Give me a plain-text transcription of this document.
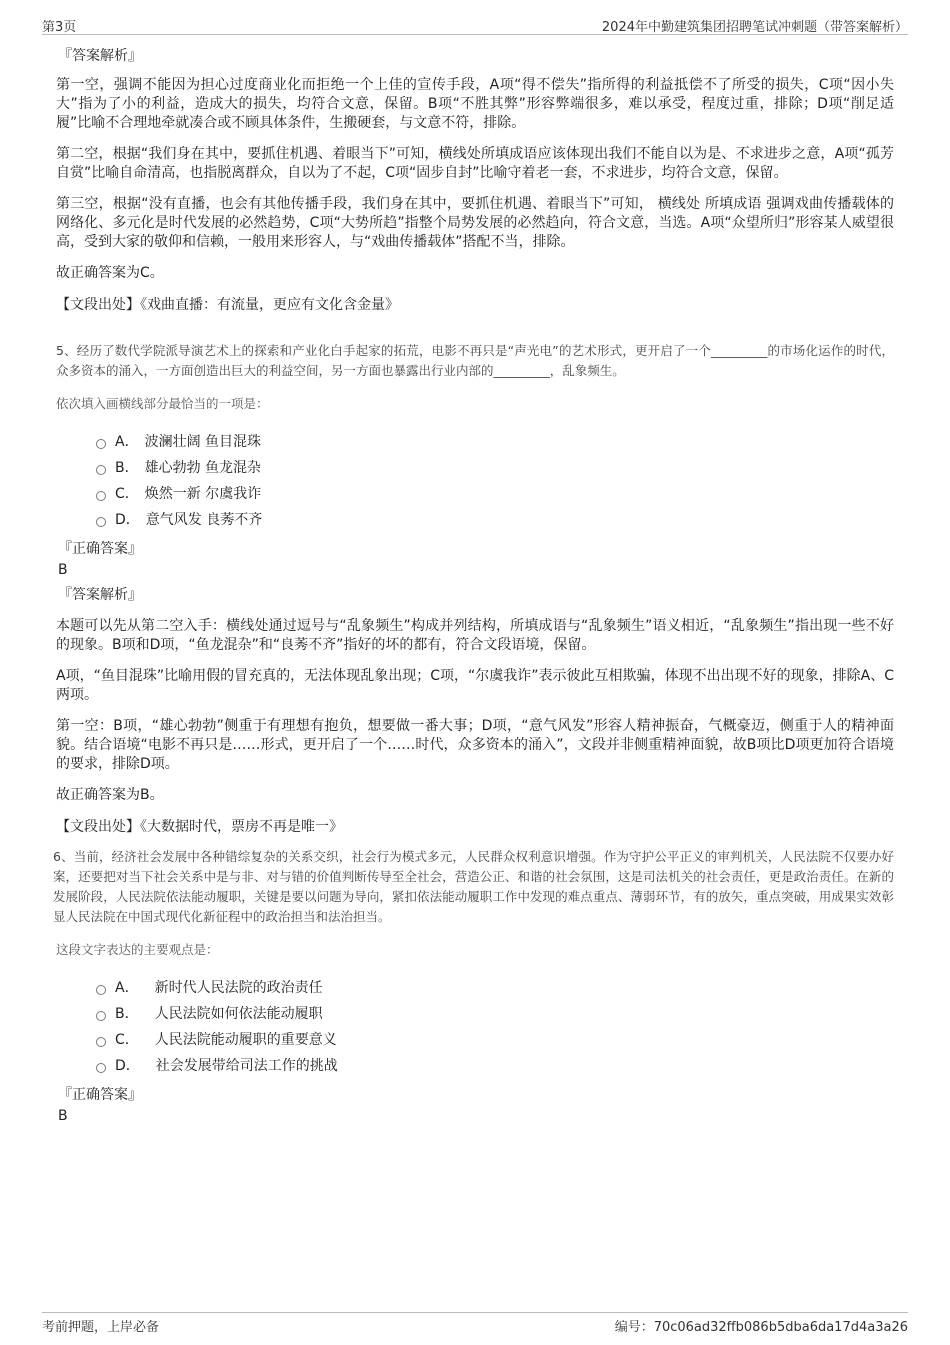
第3页	2024年中勤建筑集团招聘笔试冲刺题（带答案解析）
『答案解析』

第一空，强调不能因为担心过度商业化而拒绝一个上佳的宣传手段，A项“得不偿失”指所得的利益抵偿不了所受的损失，C项“因小失大”指为了小的利益，造成大的损失，均符合文意，保留。B项“不胜其弊”形容弊端很多，难以承受，程度过重，排除；D项“削足适履”比喻不合理地牵就凑合或不顾具体条件，生搬硬套，与文意不符，排除。

第二空，根据“我们身在其中，要抓住机遇、着眼当下”可知，横线处所填成语应该体现出我们不能自以为是、不求进步之意，A项“孤芳自赏”比喻自命清高，也指脱离群众，自以为了不起，C项“固步自封”比喻守着老一套，不求进步，均符合文意，保留。

第三空，根据“没有直播，也会有其他传播手段，我们身在其中，要抓住机遇、着眼当下”可知， 横线处 所填成语 强调戏曲传播载体的网络化、多元化是时代发展的必然趋势，C项“大势所趋”指整个局势发展的必然趋向，符合文意，当选。A项“众望所归”形容某人威望很高，受到大家的敬仰和信赖，一般用来形容人，与“戏曲传播载体”搭配不当，排除。

故正确答案为C。

【文段出处】《戏曲直播：有流量，更应有文化含金量》

5、经历了数代学院派导演艺术上的探索和产业化白手起家的拓荒，电影不再只是“声光电”的艺术形式，更开启了一个_________的市场化运作的时代，众多资本的涌入，一方面创造出巨大的利益空间，另一方面也暴露出行业内部的_________，乱象频生。

依次填入画横线部分最恰当的一项是：
A． 波澜壮阔 鱼目混珠
B． 雄心勃勃 鱼龙混杂
C． 焕然一新 尔虞我诈
D． 意气风发 良莠不齐
『正确答案』
B
『答案解析』

本题可以先从第二空入手：横线处通过逗号与“乱象频生”构成并列结构，所填成语与“乱象频生”语义相近，“乱象频生”指出现一些不好的现象。B项和D项，“鱼龙混杂”和“良莠不齐”指好的坏的都有，符合文段语境，保留。

A项，“鱼目混珠”比喻用假的冒充真的，无法体现乱象出现；C项，“尔虞我诈”表示彼此互相欺骗，体现不出出现不好的现象，排除A、C两项。

第一空：B项，“雄心勃勃”侧重于有理想有抱负，想要做一番大事；D项，“意气风发”形容人精神振奋，气概豪迈，侧重于人的精神面貌。结合语境“电影不再只是……形式，更开启了一个……时代，众多资本的涌入”，文段并非侧重精神面貌，故B项比D项更加符合语境的要求，排除D项。

故正确答案为B。

【文段出处】《大数据时代，票房不再是唯一》

6、当前，经济社会发展中各种错综复杂的关系交织，社会行为模式多元，人民群众权利意识增强。作为守护公平正义的审判机关，人民法院不仅要办好案，还要把对当下社会关系中是与非、对与错的价值判断传导至全社会，营造公正、和谐的社会氛围，这是司法机关的社会责任，更是政治责任。在新的发展阶段，人民法院依法能动履职，关键是要以问题为导向，紧扣依法能动履职工作中发现的难点重点、薄弱环节，有的放矢，重点突破，用成果实效彰显人民法院在中国式现代化新征程中的政治担当和法治担当。

这段文字表达的主要观点是：
A． 新时代人民法院的政治责任
B． 人民法院如何依法能动履职
C． 人民法院能动履职的重要意义
D． 社会发展带给司法工作的挑战
『正确答案』
B
考前押题，上岸必备	编号：70c06ad32ffb086b5dba6da17d4a3a26
